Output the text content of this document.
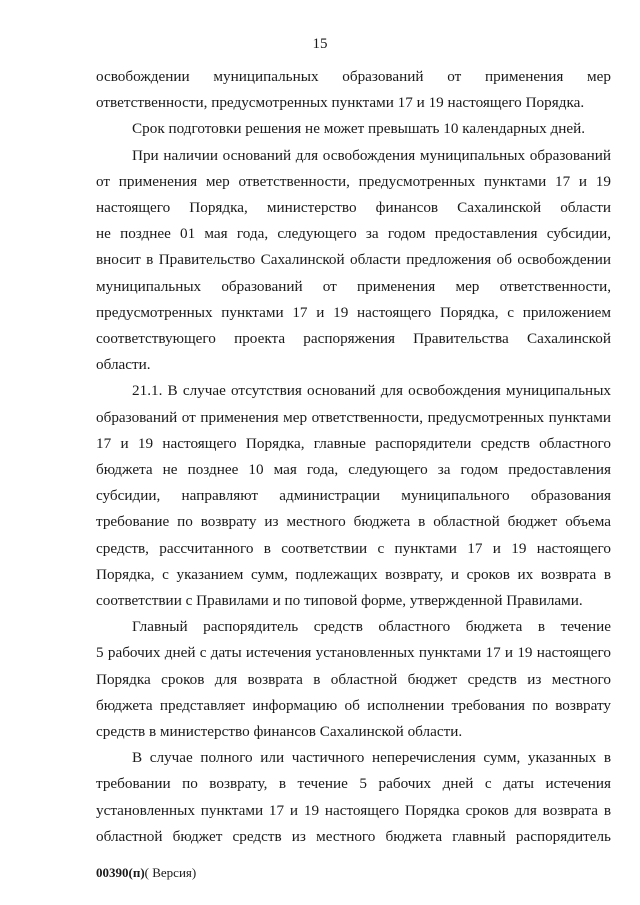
15

освобождении муниципальных образований от применения мер
ответственности, предусмотренных пунктами 17 и 19 настоящего Порядка.

Срок подготовки решения не может превышать 10 календарных дней.

При наличии оснований для освобождения муниципальных образований
от применения мер ответственности, предусмотренных пунктами 17 и 19
настоящего Порядка, министерство финансов Сахалинской области
не позднее 01 мая года, следующего за годом предоставления субсидии,
вносит в Правительство Сахалинской области предложения об освобождении
муниципальных образований от применения мер ответственности,
предусмотренных пунктами 17 и 19 настоящего Порядка, с приложением
соответствующего проекта распоряжения Правительства Сахалинской
области.

21.1. В случае отсутствия оснований для освобождения муниципальных
образований от применения мер ответственности, предусмотренных пунктами
17 и 19 настоящего Порядка, главные распорядители средств областного
бюджета не позднее 10 мая года, следующего за годом предоставления
субсидии, направляют администрации муниципального образования
требование по возврату из местного бюджета в областной бюджет объема
средств, рассчитанного в соответствии с пунктами 17 и 19 настоящего
Порядка, с указанием сумм, подлежащих возврату, и сроков их возврата в
соответствии с Правилами и по типовой форме, утвержденной Правилами.

Главный распорядитель средств областного бюджета в течение
5 рабочих дней с даты истечения установленных пунктами 17 и 19 настоящего
Порядка сроков для возврата в областной бюджет средств из местного
бюджета представляет информацию об исполнении требования по возврату
средств в министерство финансов Сахалинской области.

В случае полного или частичного неперечисления сумм, указанных в
требовании по возврату, в течение 5 рабочих дней с даты истечения
установленных пунктами 17 и 19 настоящего Порядка сроков для возврата в
областной бюджет средств из местного бюджета главный распорядитель

00390(п)( Версия)
